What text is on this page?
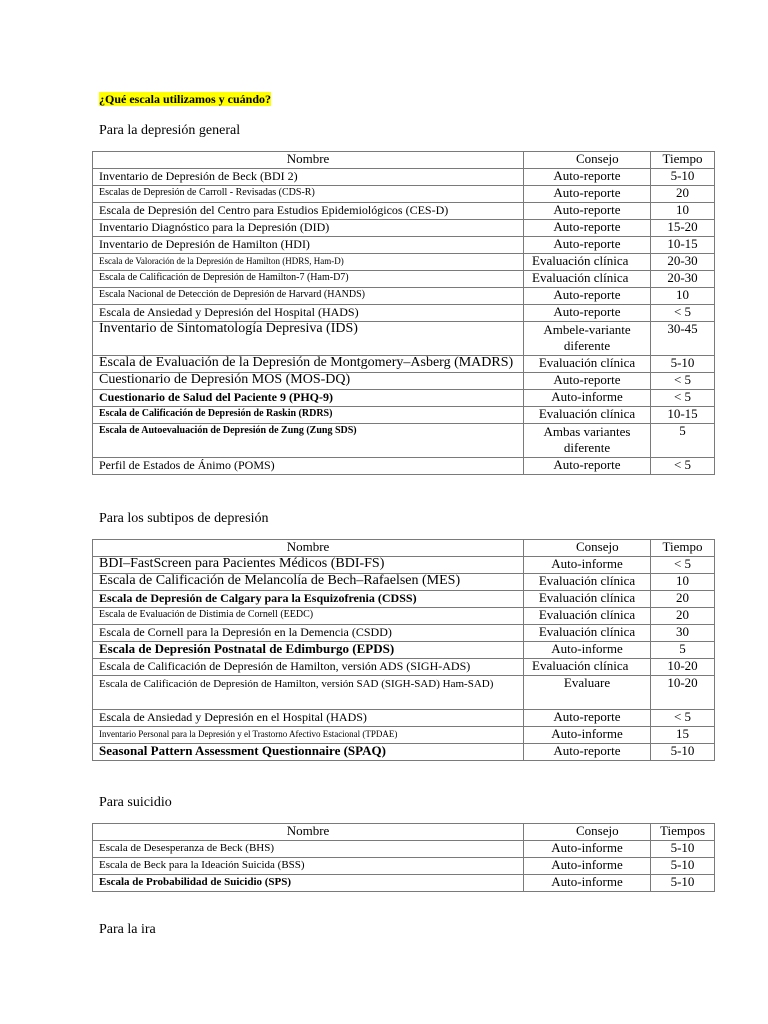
¿Qué escala utilizamos y cuándo?
Para la depresión general
Nombre	Consejo	Tiempo
Inventario de Depresión de Beck (BDI 2)	Auto-reporte	5-10
Escalas de Depresión de Carroll - Revisadas (CDS-R)	Auto-reporte	20
Escala de Depresión del Centro para Estudios Epidemiológicos (CES-D)	Auto-reporte	10
Inventario Diagnóstico para la Depresión (DID)	Auto-reporte	15-20
Inventario de Depresión de Hamilton (HDI)	Auto-reporte	10-15
Escala de Valoración de la Depresión de Hamilton (HDRS, Ham-D)	Evaluación clínica	20-30
Escala de Calificación de Depresión de Hamilton-7 (Ham-D7)	Evaluación clínica	20-30
Escala Nacional de Detección de Depresión de Harvard (HANDS)	Auto-reporte	10
Escala de Ansiedad y Depresión del Hospital (HADS)	Auto-reporte	< 5
Inventario de Sintomatología Depresiva (IDS)	Ambele-variante diferente	30-45
Escala de Evaluación de la Depresión de Montgomery–Asberg (MADRS)	Evaluación clínica	5-10
Cuestionario de Depresión MOS (MOS-DQ)	Auto-reporte	< 5
Cuestionario de Salud del Paciente 9 (PHQ-9)	Auto-informe	< 5
Escala de Calificación de Depresión de Raskin (RDRS)	Evaluación clínica	10-15
Escala de Autoevaluación de Depresión de Zung (Zung SDS)	Ambas variantes diferente	5
Perfil de Estados de Ánimo (POMS)	Auto-reporte	< 5
Para los subtipos de depresión
Nombre	Consejo	Tiempo
BDI–FastScreen para Pacientes Médicos (BDI-FS)	Auto-informe	< 5
Escala de Calificación de Melancolía de Bech–Rafaelsen (MES)	Evaluación clínica	10
Escala de Depresión de Calgary para la Esquizofrenia (CDSS)	Evaluación clínica	20
Escala de Evaluación de Distimia de Cornell (EEDC)	Evaluación clínica	20
Escala de Cornell para la Depresión en la Demencia (CSDD)	Evaluación clínica	30
Escala de Depresión Postnatal de Edimburgo (EPDS)	Auto-informe	5
Escala de Calificación de Depresión de Hamilton, versión ADS (SIGH-ADS)	Evaluación clínica	10-20
Escala de Calificación de Depresión de Hamilton, versión SAD (SIGH-SAD) Ham-SAD)	Evaluare	10-20
Escala de Ansiedad y Depresión en el Hospital (HADS)	Auto-reporte	< 5
Inventario Personal para la Depresión y el Trastorno Afectivo Estacional (TPDAE)	Auto-informe	15
Seasonal Pattern Assessment Questionnaire (SPAQ)	Auto-reporte	5-10
Para suicidio
Nombre	Consejo	Tiempos
Escala de Desesperanza de Beck (BHS)	Auto-informe	5-10
Escala de Beck para la Ideación Suicida (BSS)	Auto-informe	5-10
Escala de Probabilidad de Suicidio (SPS)	Auto-informe	5-10
Para la ira
